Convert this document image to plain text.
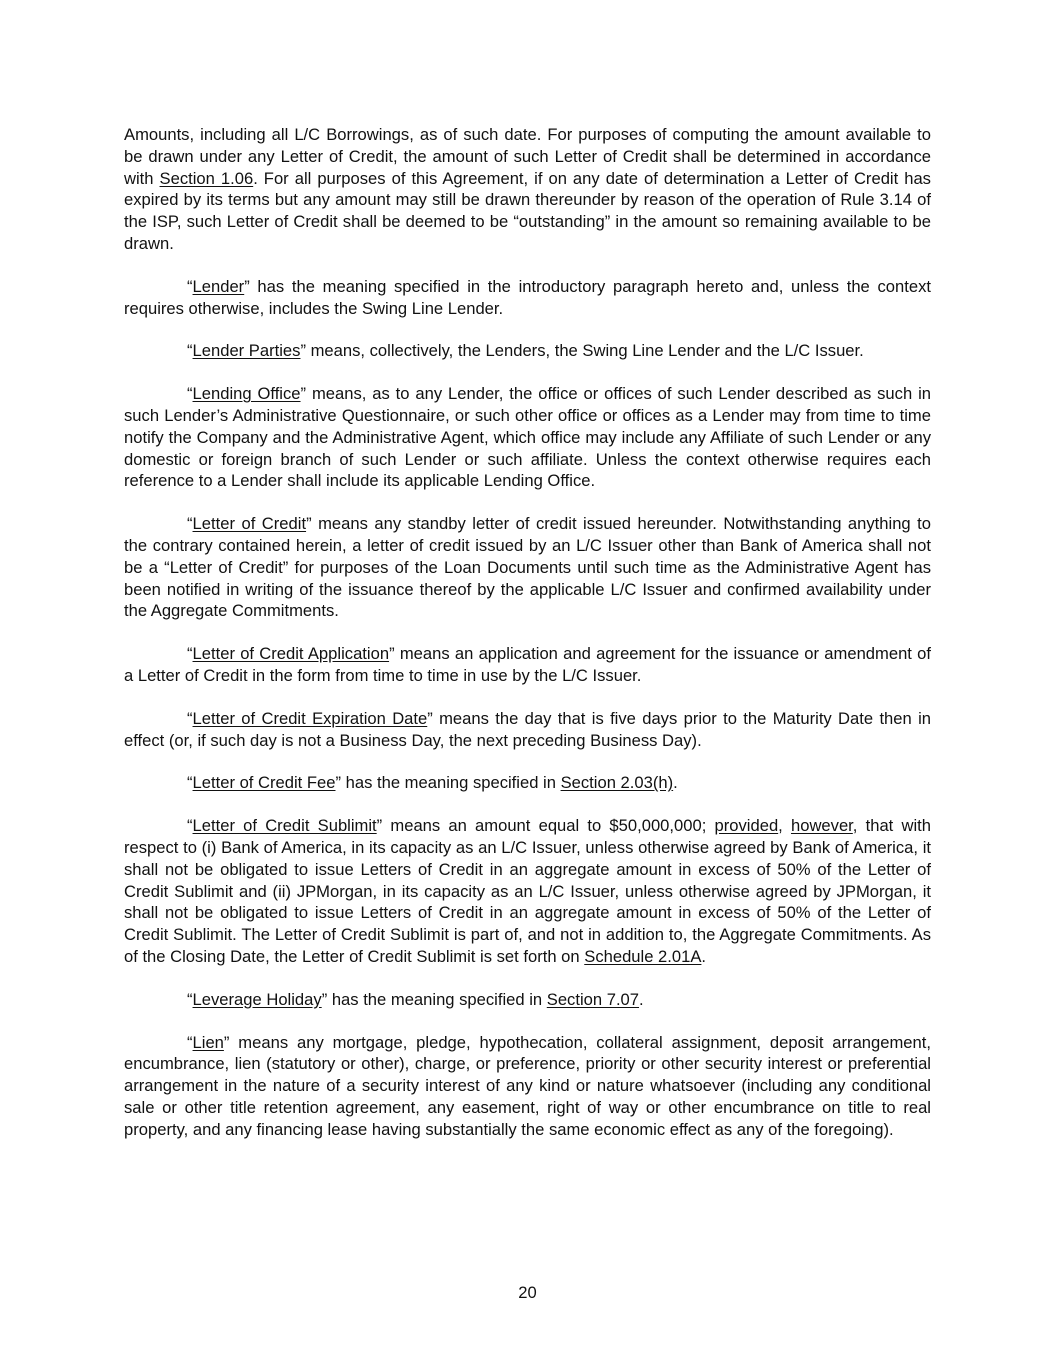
Amounts, including all L/C Borrowings, as of such date. For purposes of computing the amount available to be drawn under any Letter of Credit, the amount of such Letter of Credit shall be determined in accordance with Section 1.06. For all purposes of this Agreement, if on any date of determination a Letter of Credit has expired by its terms but any amount may still be drawn thereunder by reason of the operation of Rule 3.14 of the ISP, such Letter of Credit shall be deemed to be “outstanding” in the amount so remaining available to be drawn.

“Lender” has the meaning specified in the introductory paragraph hereto and, unless the context requires otherwise, includes the Swing Line Lender.

“Lender Parties” means, collectively, the Lenders, the Swing Line Lender and the L/C Issuer.

“Lending Office” means, as to any Lender, the office or offices of such Lender described as such in such Lender’s Administrative Questionnaire, or such other office or offices as a Lender may from time to time notify the Company and the Administrative Agent, which office may include any Affiliate of such Lender or any domestic or foreign branch of such Lender or such affiliate. Unless the context otherwise requires each reference to a Lender shall include its applicable Lending Office.

“Letter of Credit” means any standby letter of credit issued hereunder. Notwithstanding anything to the contrary contained herein, a letter of credit issued by an L/C Issuer other than Bank of America shall not be a “Letter of Credit” for purposes of the Loan Documents until such time as the Administrative Agent has been notified in writing of the issuance thereof by the applicable L/C Issuer and confirmed availability under the Aggregate Commitments.

“Letter of Credit Application” means an application and agreement for the issuance or amendment of a Letter of Credit in the form from time to time in use by the L/C Issuer.

“Letter of Credit Expiration Date” means the day that is five days prior to the Maturity Date then in effect (or, if such day is not a Business Day, the next preceding Business Day).

“Letter of Credit Fee” has the meaning specified in Section 2.03(h).

“Letter of Credit Sublimit” means an amount equal to $50,000,000; provided, however, that with respect to (i) Bank of America, in its capacity as an L/C Issuer, unless otherwise agreed by Bank of America, it shall not be obligated to issue Letters of Credit in an aggregate amount in excess of 50% of the Letter of Credit Sublimit and (ii) JPMorgan, in its capacity as an L/C Issuer, unless otherwise agreed by JPMorgan, it shall not be obligated to issue Letters of Credit in an aggregate amount in excess of 50% of the Letter of Credit Sublimit. The Letter of Credit Sublimit is part of, and not in addition to, the Aggregate Commitments. As of the Closing Date, the Letter of Credit Sublimit is set forth on Schedule 2.01A.

“Leverage Holiday” has the meaning specified in Section 7.07.

“Lien” means any mortgage, pledge, hypothecation, collateral assignment, deposit arrangement, encumbrance, lien (statutory or other), charge, or preference, priority or other security interest or preferential arrangement in the nature of a security interest of any kind or nature whatsoever (including any conditional sale or other title retention agreement, any easement, right of way or other encumbrance on title to real property, and any financing lease having substantially the same economic effect as any of the foregoing).

20
